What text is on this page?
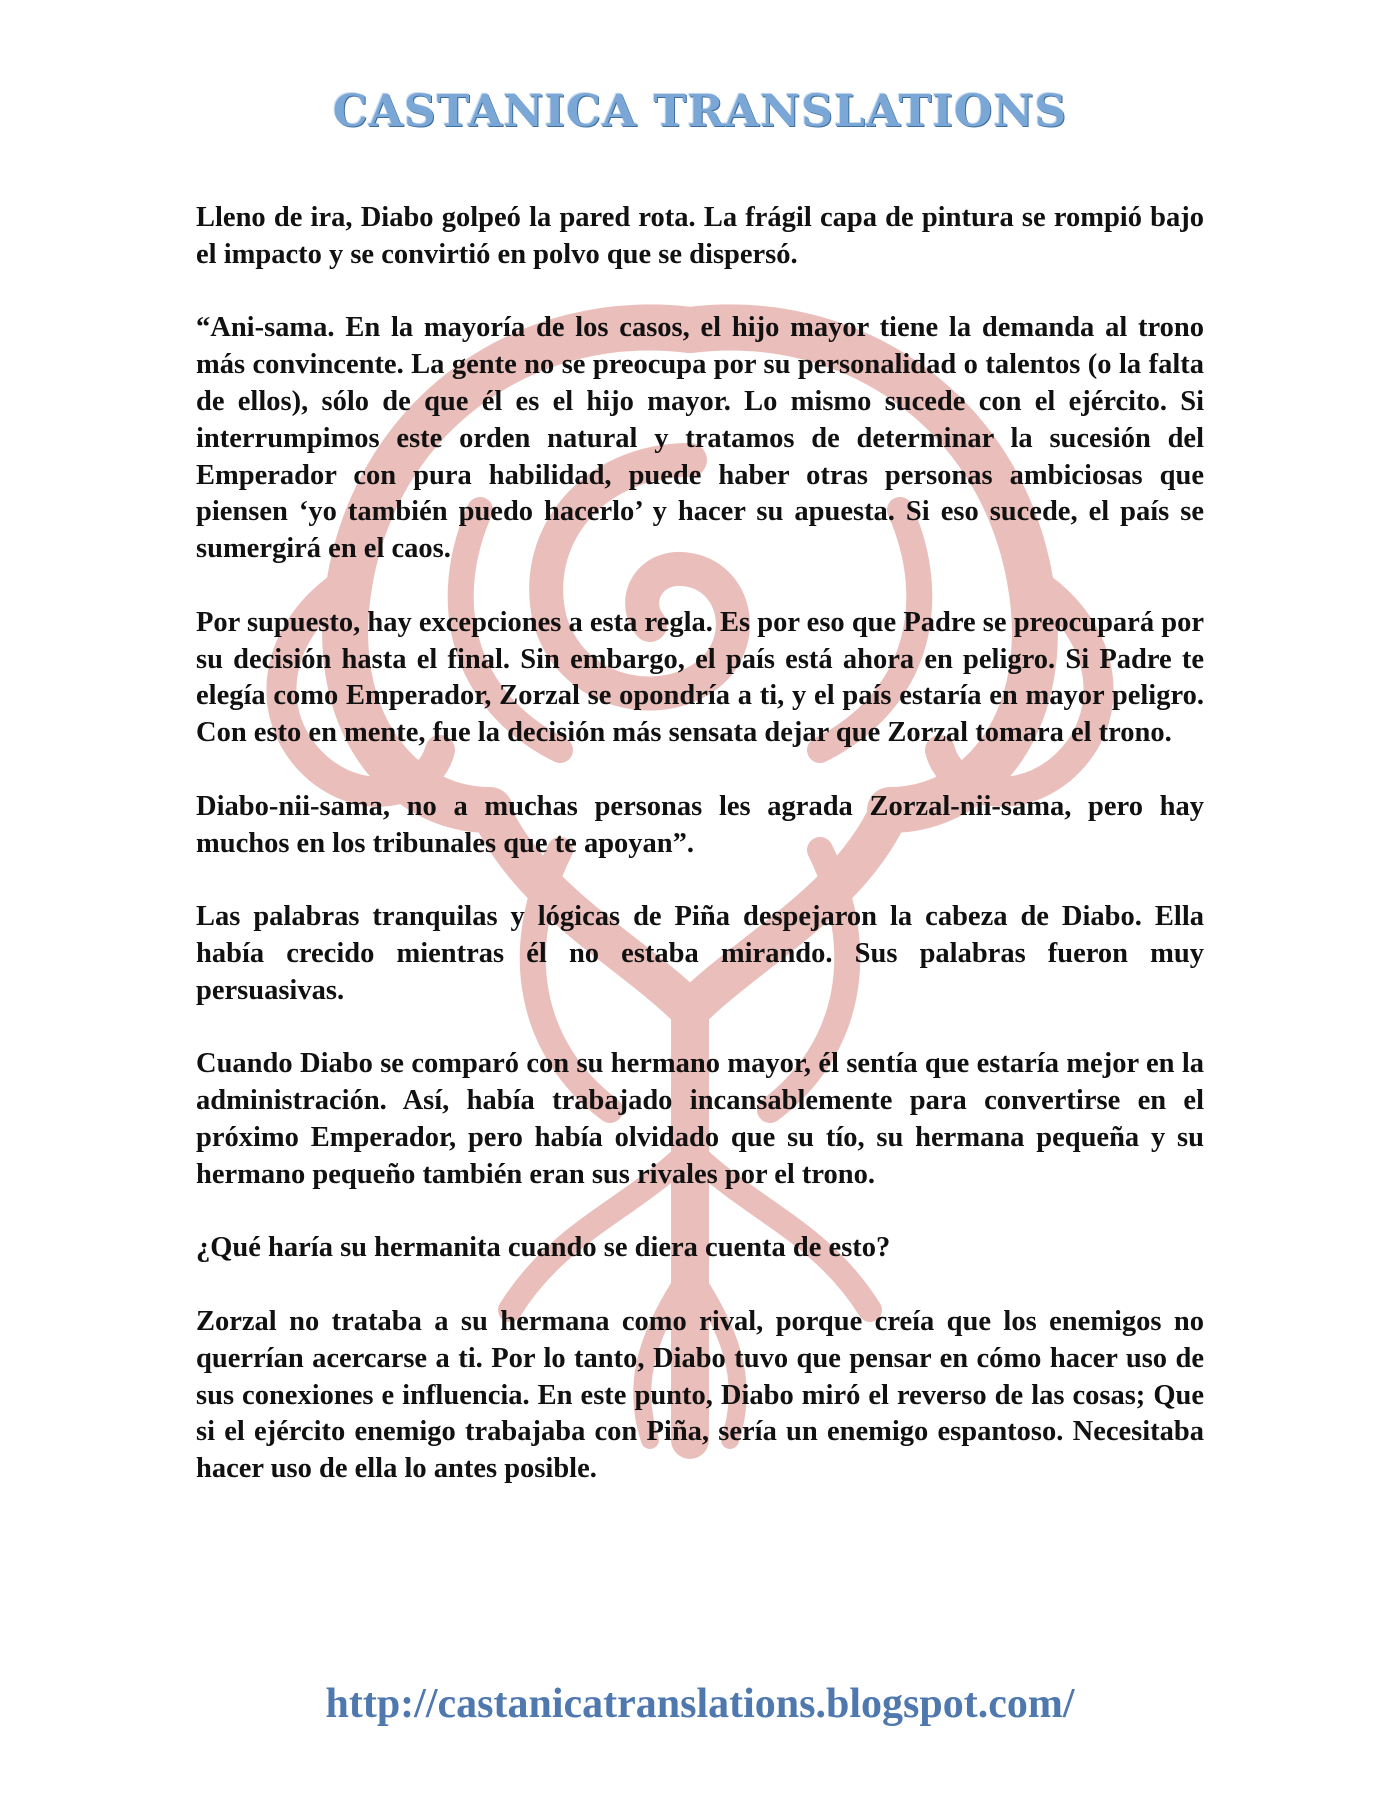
CASTANICA TRANSLATIONS

Lleno de ira, Diabo golpeó la pared rota. La frágil capa de pintura se rompió bajo el impacto y se convirtió en polvo que se dispersó.

“Ani-sama. En la mayoría de los casos, el hijo mayor tiene la demanda al trono más convincente. La gente no se preocupa por su personalidad o talentos (o la falta de ellos), sólo de que él es el hijo mayor. Lo mismo sucede con el ejército. Si interrumpimos este orden natural y tratamos de determinar la sucesión del Emperador con pura habilidad, puede haber otras personas ambiciosas que piensen ‘yo también puedo hacerlo’ y hacer su apuesta. Si eso sucede, el país se sumergirá en el caos.

Por supuesto, hay excepciones a esta regla. Es por eso que Padre se preocupará por su decisión hasta el final. Sin embargo, el país está ahora en peligro. Si Padre te elegía como Emperador, Zorzal se opondría a ti, y el país estaría en mayor peligro. Con esto en mente, fue la decisión más sensata dejar que Zorzal tomara el trono.

Diabo-nii-sama, no a muchas personas les agrada Zorzal-nii-sama, pero hay muchos en los tribunales que te apoyan”.

Las palabras tranquilas y lógicas de Piña despejaron la cabeza de Diabo. Ella había crecido mientras él no estaba mirando. Sus palabras fueron muy persuasivas.

Cuando Diabo se comparó con su hermano mayor, él sentía que estaría mejor en la administración. Así, había trabajado incansablemente para convertirse en el próximo Emperador, pero había olvidado que su tío, su hermana pequeña y su hermano pequeño también eran sus rivales por el trono.

¿Qué haría su hermanita cuando se diera cuenta de esto?

Zorzal no trataba a su hermana como rival, porque creía que los enemigos no querrían acercarse a ti. Por lo tanto, Diabo tuvo que pensar en cómo hacer uso de sus conexiones e influencia. En este punto, Diabo miró el reverso de las cosas; Que si el ejército enemigo trabajaba con Piña, sería un enemigo espantoso. Necesitaba hacer uso de ella lo antes posible.

http://castanicatranslations.blogspot.com/
